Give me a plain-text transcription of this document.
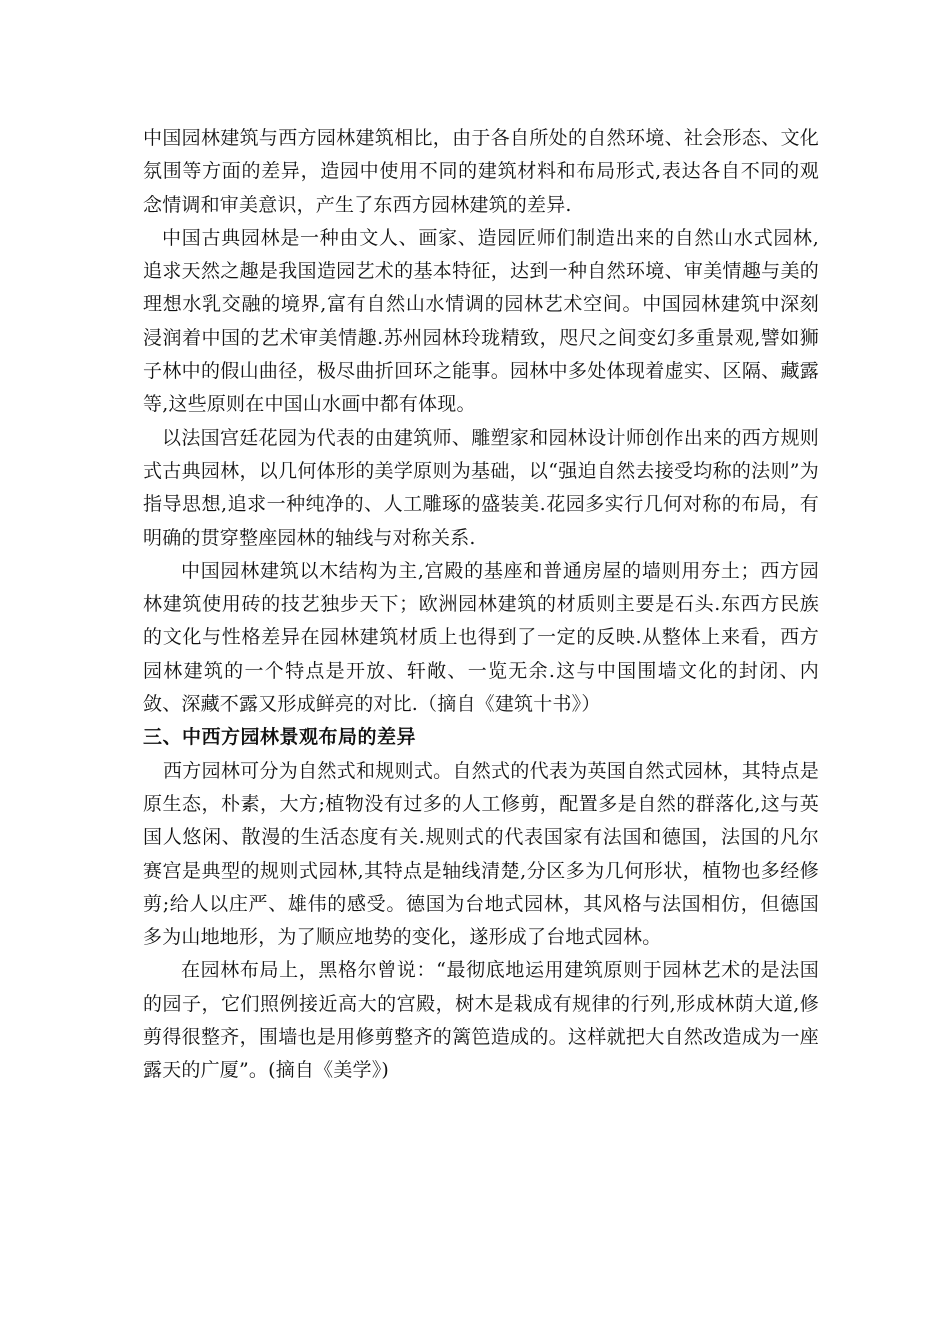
中国园林建筑与西方园林建筑相比，由于各自所处的自然环境、社会形态、文化氛围等方面的差异，造园中使用不同的建筑材料和布局形式,表达各自不同的观念情调和审美意识，产生了东西方园林建筑的差异.

中国古典园林是一种由文人、画家、造园匠师们制造出来的自然山水式园林,追求天然之趣是我国造园艺术的基本特征，达到一种自然环境、审美情趣与美的理想水乳交融的境界,富有自然山水情调的园林艺术空间。中国园林建筑中深刻浸润着中国的艺术审美情趣.苏州园林玲珑精致，咫尺之间变幻多重景观,譬如狮子林中的假山曲径，极尽曲折回环之能事。园林中多处体现着虚实、区隔、藏露等,这些原则在中国山水画中都有体现。

以法国宫廷花园为代表的由建筑师、雕塑家和园林设计师创作出来的西方规则式古典园林，以几何体形的美学原则为基础，以“强迫自然去接受均称的法则”为指导思想,追求一种纯净的、人工雕琢的盛装美.花园多实行几何对称的布局，有明确的贯穿整座园林的轴线与对称关系.

中国园林建筑以木结构为主,宫殿的基座和普通房屋的墙则用夯土；西方园林建筑使用砖的技艺独步天下；欧洲园林建筑的材质则主要是石头.东西方民族的文化与性格差异在园林建筑材质上也得到了一定的反映.从整体上来看，西方园林建筑的一个特点是开放、轩敞、一览无余.这与中国围墙文化的封闭、内敛、深藏不露又形成鲜亮的对比.（摘自《建筑十书》）

三、中西方园林景观布局的差异

西方园林可分为自然式和规则式。自然式的代表为英国自然式园林，其特点是原生态，朴素，大方;植物没有过多的人工修剪，配置多是自然的群落化,这与英国人悠闲、散漫的生活态度有关.规则式的代表国家有法国和德国，法国的凡尔赛宫是典型的规则式园林,其特点是轴线清楚,分区多为几何形状，植物也多经修剪;给人以庄严、雄伟的感受。德国为台地式园林，其风格与法国相仿，但德国多为山地地形，为了顺应地势的变化，遂形成了台地式园林。

在园林布局上，黑格尔曾说：“最彻底地运用建筑原则于园林艺术的是法国的园子，它们照例接近高大的宫殿，树木是栽成有规律的行列,形成林荫大道,修剪得很整齐，围墙也是用修剪整齐的篱笆造成的。这样就把大自然改造成为一座露天的广厦”。(摘自《美学》)
